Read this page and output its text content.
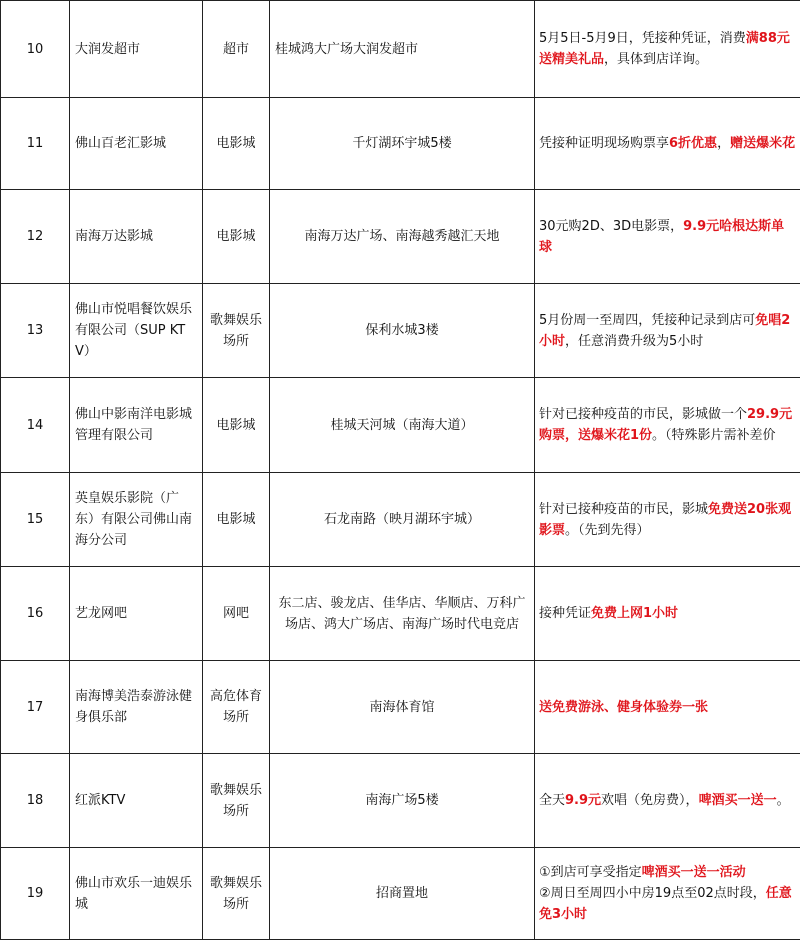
10	大润发超市	超市	桂城鸿大广场大润发超市	5月5日-5月9日，凭接种凭证，消费满88元送精美礼品，具体到店详询。
11	佛山百老汇影城	电影城	千灯湖环宇城5楼	凭接种证明现场购票享6折优惠，赠送爆米花
12	南海万达影城	电影城	南海万达广场、南海越秀越汇天地	30元购2D、3D电影票，9.9元哈根达斯单球
13	佛山市悦唱餐饮娱乐有限公司（SUP KTV）	歌舞娱乐场所	保利水城3楼	5月份周一至周四，凭接种记录到店可免唱2小时，任意消费升级为5小时
14	佛山中影南洋电影城管理有限公司	电影城	桂城天河城（南海大道）	针对已接种疫苗的市民，影城做一个29.9元购票，送爆米花1份。（特殊影片需补差价
15	英皇娱乐影院（广东）有限公司佛山南海分公司	电影城	石龙南路（映月湖环宇城）	针对已接种疫苗的市民，影城免费送20张观影票。（先到先得）
16	艺龙网吧	网吧	东二店、骏龙店、佳华店、华顺店、万科广场店、鸿大广场店、南海广场时代电竞店	接种凭证免费上网1小时
17	南海博美浩泰游泳健身俱乐部	高危体育场所	南海体育馆	送免费游泳、健身体验券一张
18	红派KTV	歌舞娱乐场所	南海广场5楼	全天9.9元欢唱（免房费），啤酒买一送一。
19	佛山市欢乐一迪娱乐城	歌舞娱乐场所	招商置地	①到店可享受指定啤酒买一送一活动
②周日至周四小中房19点至02点时段，任意免3小时
